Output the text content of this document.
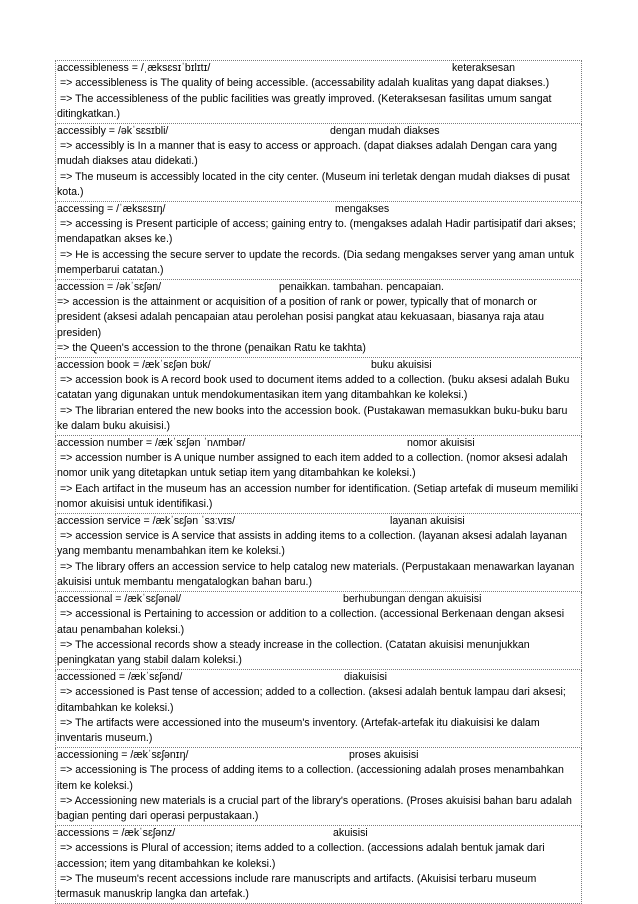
accessibleness = /ˌæksɛsɪˈbɪlɪtɪ/	keteraksesan

=> accessibleness is The quality of being accessible. (accessability adalah kualitas yang dapat diakses.)

=> The accessibleness of the public facilities was greatly improved. (Keteraksesan fasilitas umum sangat ditingkatkan.)

accessibly = /əkˈsɛsɪbli/	dengan mudah diakses

=> accessibly is In a manner that is easy to access or approach. (dapat diakses adalah Dengan cara yang mudah diakses atau didekati.)

=> The museum is accessibly located in the city center. (Museum ini terletak dengan mudah diakses di pusat kota.)

accessing = /ˈæksɛsɪŋ/	mengakses

=> accessing is Present participle of access; gaining entry to. (mengakses adalah Hadir partisipatif dari akses; mendapatkan akses ke.)

=> He is accessing the secure server to update the records. (Dia sedang mengakses server yang aman untuk memperbarui catatan.)

accession = /əkˈsɛʃən/	penaikkan. tambahan. pencapaian.

=> accession is the attainment or acquisition of a position of rank or power, typically that of monarch or president (aksesi adalah pencapaian atau perolehan posisi pangkat atau kekuasaan, biasanya raja atau presiden)

=> the Queen's accession to the throne (penaikan Ratu ke takhta)

accession book = /ækˈsɛʃən bʊk/	buku akuisisi

=> accession book is A record book used to document items added to a collection. (buku aksesi adalah Buku catatan yang digunakan untuk mendokumentasikan item yang ditambahkan ke koleksi.)

=> The librarian entered the new books into the accession book. (Pustakawan memasukkan buku-buku baru ke dalam buku akuisisi.)

accession number = /ækˈsɛʃən ˈnʌmbər/	nomor akuisisi

=> accession number is A unique number assigned to each item added to a collection. (nomor aksesi adalah nomor unik yang ditetapkan untuk setiap item yang ditambahkan ke koleksi.)

=> Each artifact in the museum has an accession number for identification. (Setiap artefak di museum memiliki nomor akuisisi untuk identifikasi.)

accession service = /ækˈsɛʃən ˈsɜːvɪs/	layanan akuisisi

=> accession service is A service that assists in adding items to a collection. (layanan aksesi adalah layanan yang membantu menambahkan item ke koleksi.)

=> The library offers an accession service to help catalog new materials. (Perpustakaan menawarkan layanan akuisisi untuk membantu mengatalogkan bahan baru.)

accessional = /ækˈsɛʃənəl/	berhubungan dengan akuisisi

=> accessional is Pertaining to accession or addition to a collection. (accessional Berkenaan dengan aksesi atau penambahan koleksi.)

=> The accessional records show a steady increase in the collection. (Catatan akuisisi menunjukkan peningkatan yang stabil dalam koleksi.)

accessioned = /ækˈsɛʃənd/	diakuisisi

=> accessioned is Past tense of accession; added to a collection. (aksesi adalah bentuk lampau dari aksesi; ditambahkan ke koleksi.)

=> The artifacts were accessioned into the museum's inventory. (Artefak-artefak itu diakuisisi ke dalam inventaris museum.)

accessioning = /ækˈsɛʃənɪŋ/	proses akuisisi

=> accessioning is The process of adding items to a collection. (accessioning adalah proses menambahkan item ke koleksi.)

=> Accessioning new materials is a crucial part of the library's operations. (Proses akuisisi bahan baru adalah bagian penting dari operasi perpustakaan.)

accessions = /ækˈsɛʃənz/	akuisisi

=> accessions is Plural of accession; items added to a collection. (accessions adalah bentuk jamak dari accession; item yang ditambahkan ke koleksi.)

=> The museum's recent accessions include rare manuscripts and artifacts. (Akuisisi terbaru museum termasuk manuskrip langka dan artefak.)
